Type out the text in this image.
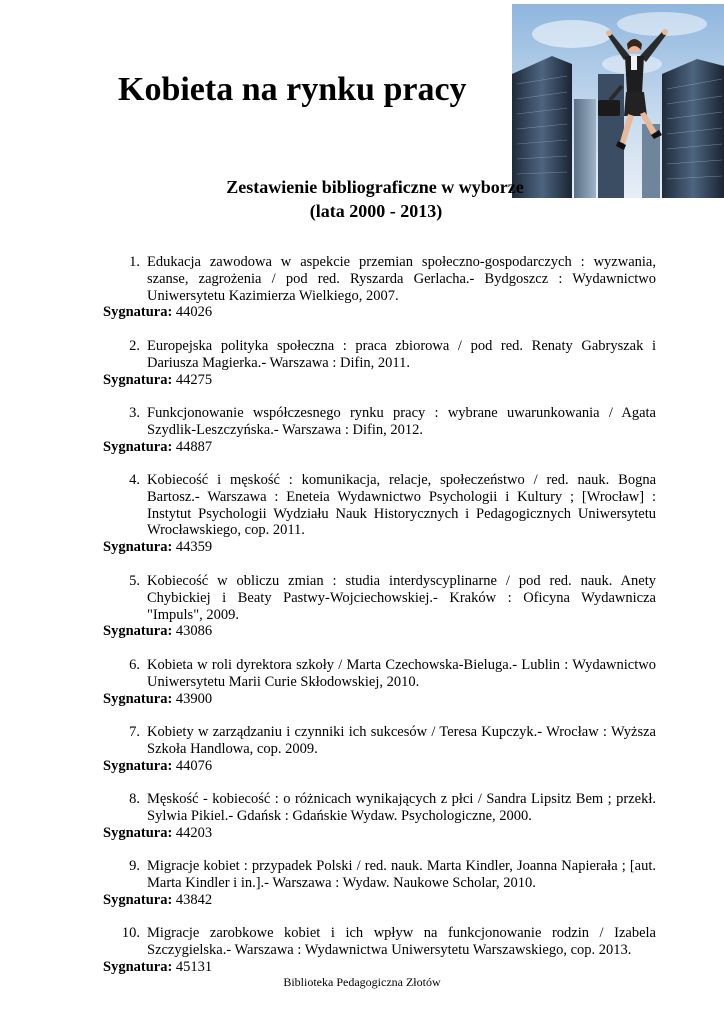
Kobieta na rynku pracy
Zestawienie bibliograficzne w wyborze
(lata 2000 - 2013)
1. Edukacja zawodowa w aspekcie przemian społeczno-gospodarczych : wyzwania, szanse, zagrożenia / pod red. Ryszarda Gerlacha.- Bydgoszcz : Wydawnictwo Uniwersytetu Kazimierza Wielkiego, 2007.
Sygnatura: 44026
2. Europejska polityka społeczna : praca zbiorowa / pod red. Renaty Gabryszak i Dariusza Magierka.- Warszawa : Difin, 2011.
Sygnatura: 44275
3. Funkcjonowanie współczesnego rynku pracy : wybrane uwarunkowania / Agata Szydlik-Leszczyńska.- Warszawa : Difin, 2012.
Sygnatura: 44887
4. Kobiecość i męskość : komunikacja, relacje, społeczeństwo / red. nauk. Bogna Bartosz.- Warszawa : Eneteia Wydawnictwo Psychologii i Kultury ; [Wrocław] : Instytut Psychologii Wydziału Nauk Historycznych i Pedagogicznych Uniwersytetu Wrocławskiego, cop. 2011.
Sygnatura: 44359
5. Kobiecość w obliczu zmian : studia interdyscyplinarne / pod red. nauk. Anety Chybickiej i Beaty Pastwy-Wojciechowskiej.- Kraków : Oficyna Wydawnicza "Impuls", 2009.
Sygnatura: 43086
6. Kobieta w roli dyrektora szkoły / Marta Czechowska-Bieluga.- Lublin : Wydawnictwo Uniwersytetu Marii Curie Skłodowskiej, 2010.
Sygnatura: 43900
7. Kobiety w zarządzaniu i czynniki ich sukcesów / Teresa Kupczyk.- Wrocław : Wyższa Szkoła Handlowa, cop. 2009.
Sygnatura: 44076
8. Męskość - kobiecość : o różnicach wynikających z płci / Sandra Lipsitz Bem ; przekł. Sylwia Pikiel.- Gdańsk : Gdańskie Wydaw. Psychologiczne, 2000.
Sygnatura: 44203
9. Migracje kobiet : przypadek Polski / red. nauk. Marta Kindler, Joanna Napierała ; [aut. Marta Kindler i in.].- Warszawa : Wydaw. Naukowe Scholar, 2010.
Sygnatura: 43842
10. Migracje zarobkowe kobiet i ich wpływ na funkcjonowanie rodzin / Izabela Szczygielska.- Warszawa : Wydawnictwa Uniwersytetu Warszawskiego, cop. 2013.
Sygnatura: 45131
Biblioteka Pedagogiczna Złotów
